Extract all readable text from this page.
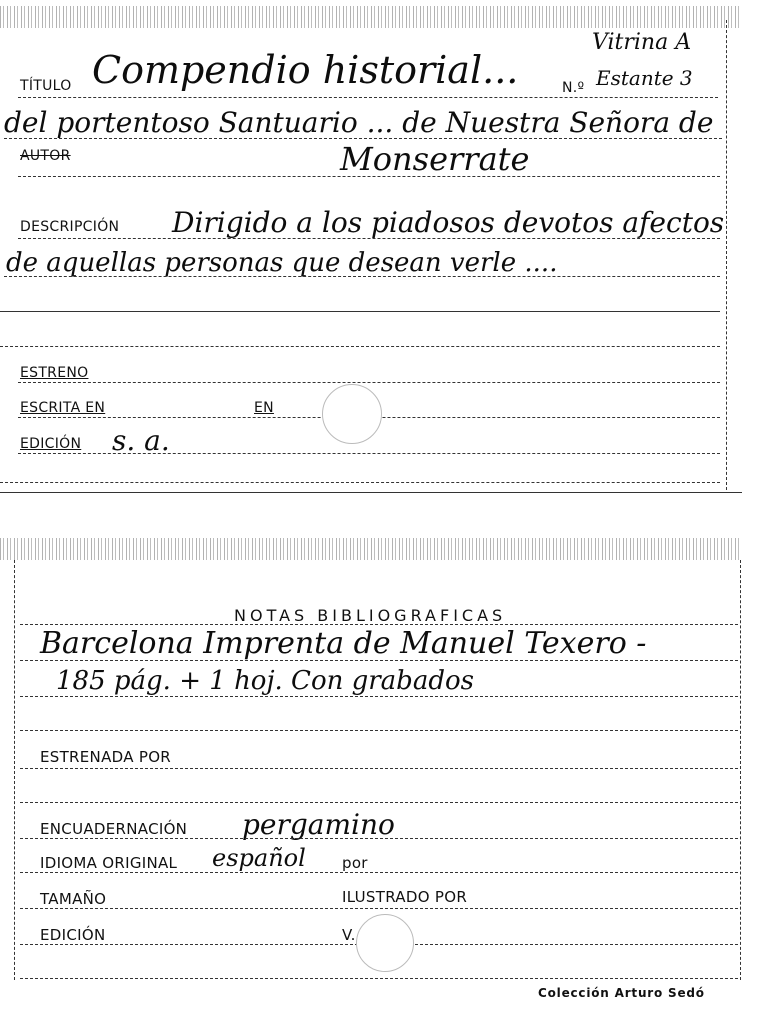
TÍTULO Compendio historial...	N.º
Vitrina A
Estante 3
del portentoso Santuario ... de Nuestra Señora de
AUTOR	Monserrate
DESCRIPCIÓN Dirigido a los piadosos devotos afectos
de aquellas personas que desean verle ....
ESTRENO
ESCRITA EN	EN
EDICIÓN s. a.
NOTAS BIBLIOGRAFICAS
Barcelona Imprenta de Manuel Texero -
185 pág. + 1 hoj. Con grabados
ESTRENADA POR
ENCUADERNACIÓN pergamino
IDIOMA ORIGINAL español por
TAMAÑO	ILUSTRADO POR
EDICIÓN	V.
Colección Arturo Sedó
